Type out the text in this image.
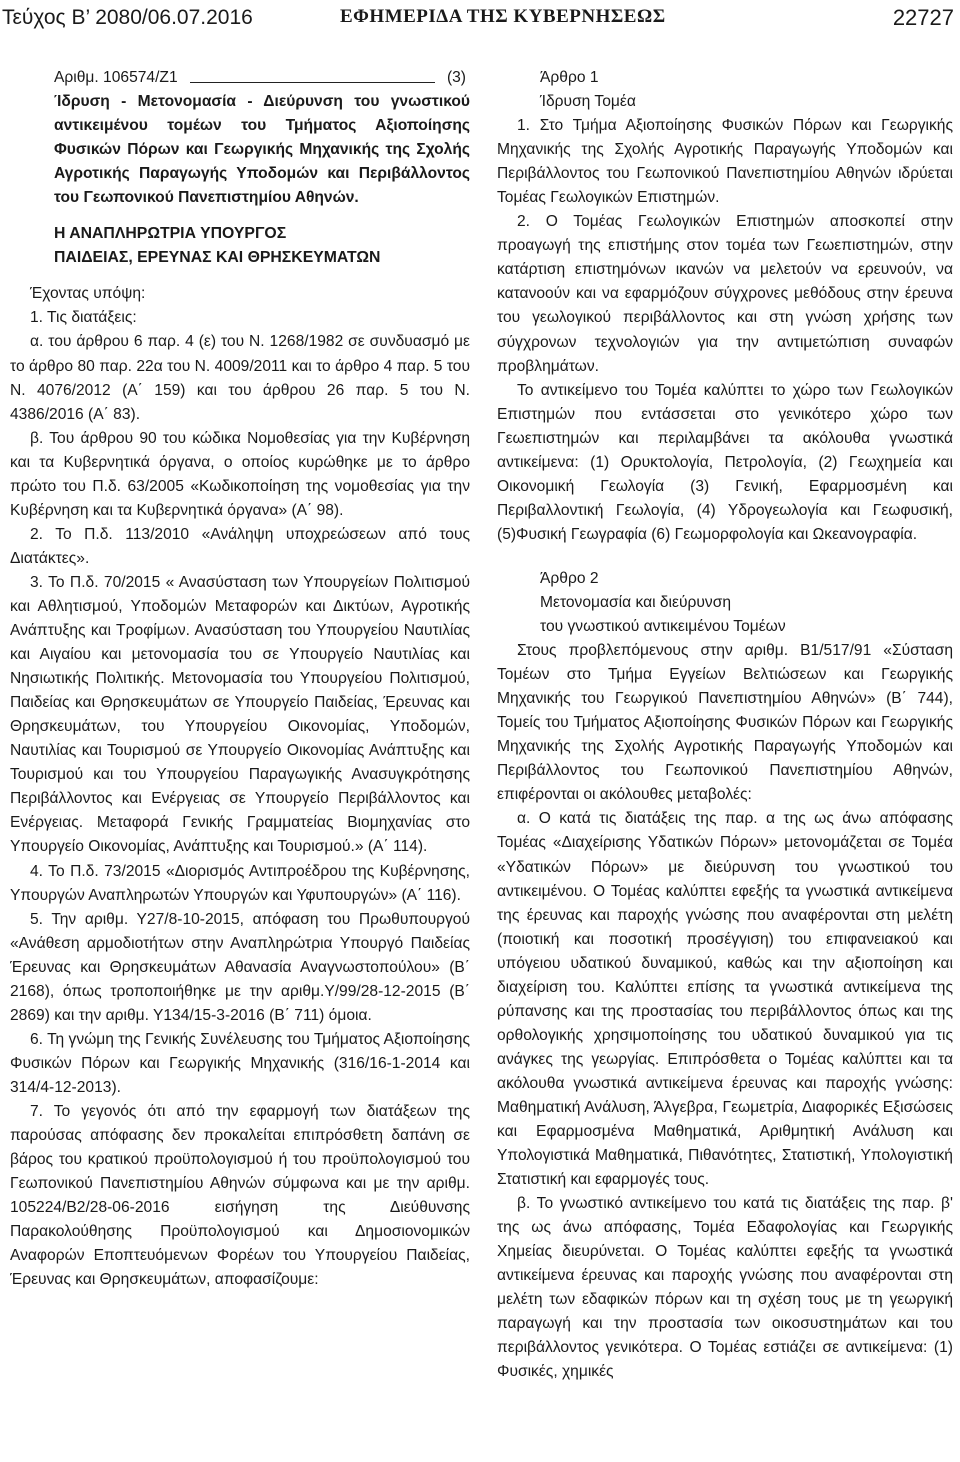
Τεύχος Β’ 2080/06.07.2016	ΕΦΗΜΕΡΙΔΑ ΤΗΣ ΚΥΒΕΡΝΗΣΕΩΣ	22727
Αριθμ. 106574/Ζ1	(3)

Ίδρυση - Μετονομασία - Διεύρυνση του γνωστικού αντικειμένου τομέων του Τμήματος Αξιοποίησης Φυσικών Πόρων και Γεωργικής Μηχανικής της Σχολής Αγροτικής Παραγωγής Υποδομών και Περιβάλλοντος του Γεωπονικού Πανεπιστημίου Αθηνών.

Η ΑΝΑΠΛΗΡΩΤΡΙΑ ΥΠΟΥΡΓΟΣ

ΠΑΙΔΕΙΑΣ, ΕΡΕΥΝΑΣ ΚΑΙ ΘΡΗΣΚΕΥΜΑΤΩΝ

Έχοντας υπόψη:

1. Τις διατάξεις:

α. του άρθρου 6 παρ. 4 (ε) του Ν. 1268/1982 σε συνδυασμό με το άρθρο 80 παρ. 22α του Ν. 4009/2011 και το άρθρο 4 παρ. 5 του Ν. 4076/2012 (Α΄ 159) και του άρθρου 26 παρ. 5 του Ν. 4386/2016 (Α΄ 83).

β. Του άρθρου 90 του κώδικα Νομοθεσίας για την Κυβέρνηση και τα Κυβερνητικά όργανα, ο οποίος κυρώθηκε με το άρθρο πρώτο του Π.δ. 63/2005 «Κωδικοποίηση της νομοθεσίας για την Κυβέρνηση και τα Κυβερνητικά όργανα» (Α΄ 98).

2. Το Π.δ. 113/2010 «Ανάληψη υποχρεώσεων από τους Διατάκτες».

3. Το Π.δ. 70/2015 « Ανασύσταση των Υπουργείων Πολιτισμού και Αθλητισμού, Υποδομών Μεταφορών και Δικτύων, Αγροτικής Ανάπτυξης και Τροφίμων. Ανασύσταση του Υπουργείου Ναυτιλίας και Αιγαίου και μετονομασία του σε Υπουργείο Ναυτιλίας και Νησιωτικής Πολιτικής. Μετονομασία του Υπουργείου Πολιτισμού, Παιδείας και Θρησκευμάτων σε Υπουργείο Παιδείας, Έρευνας και Θρησκευμάτων, του Υπουργείου Οικονομίας, Υποδομών, Ναυτιλίας και Τουρισμού σε Υπουργείο Οικονομίας Ανάπτυξης και Τουρισμού και του Υπουργείου Παραγωγικής Ανασυγκρότησης Περιβάλλοντος και Ενέργειας σε Υπουργείο Περιβάλλοντος και Ενέργειας. Μεταφορά Γενικής Γραμματείας Βιομηχανίας στο Υπουργείο Οικονομίας, Ανάπτυξης και Τουρισμού.» (Α΄ 114).

4. Το Π.δ. 73/2015 «Διορισμός Αντιπροέδρου της Κυβέρνησης, Υπουργών Αναπληρωτών Υπουργών και Υφυπουργών» (Α΄ 116).

5. Την αριθμ. Υ27/8-10-2015, απόφαση του Πρωθυπουργού «Ανάθεση αρμοδιοτήτων στην Αναπληρώτρια Υπουργό Παιδείας Έρευνας και Θρησκευμάτων Αθανασία Αναγνωστοπούλου» (Β΄ 2168), όπως τροποποιήθηκε με την αριθμ.Υ/99/28-12-2015 (Β΄ 2869) και την αριθμ. Υ134/15-3-2016 (Β΄ 711) όμοια.

6. Τη γνώμη της Γενικής Συνέλευσης του Τμήματος Αξιοποίησης Φυσικών Πόρων και Γεωργικής Μηχανικής (316/16-1-2014 και 314/4-12-2013).

7. Το γεγονός ότι από την εφαρμογή των διατάξεων της παρούσας απόφασης δεν προκαλείται επιπρόσθετη δαπάνη σε βάρος του κρατικού προϋπολογισμού ή του προϋπολογισμού του Γεωπονικού Πανεπιστημίου Αθηνών σύμφωνα και με την αριθμ. 105224/Β2/28-06-2016 εισήγηση της Διεύθυνσης Παρακολούθησης Προϋπολογισμού και Δημοσιονομικών Αναφορών Εποπτευόμενων Φορέων του Υπουργείου Παιδείας, Έρευνας και Θρησκευμάτων, αποφασίζουμε:

Άρθρο 1

Ίδρυση Τομέα

1. Στο Τμήμα Αξιοποίησης Φυσικών Πόρων και Γεωργικής Μηχανικής της Σχολής Αγροτικής Παραγωγής Υποδομών και Περιβάλλοντος του Γεωπονικού Πανεπιστημίου Αθηνών ιδρύεται Τομέας Γεωλογικών Επιστημών.

2. Ο Τομέας Γεωλογικών Επιστημών αποσκοπεί στην προαγωγή της επιστήμης στον τομέα των Γεωεπιστημών, στην κατάρτιση επιστημόνων ικανών να μελετούν να ερευνούν, να κατανοούν και να εφαρμόζουν σύγχρονες μεθόδους στην έρευνα του γεωλογικού περιβάλλοντος και στη γνώση χρήσης των σύγχρονων τεχνολογιών για την αντιμετώπιση συναφών προβλημάτων.

Το αντικείμενο του Τομέα καλύπτει το χώρο των Γεωλογικών Επιστημών που εντάσσεται στο γενικότερο χώρο των Γεωεπιστημών και περιλαμβάνει τα ακόλουθα γνωστικά αντικείμενα: (1) Ορυκτολογία, Πετρολογία, (2) Γεωχημεία και Οικονομική Γεωλογία (3) Γενική, Εφαρμοσμένη και Περιβαλλοντική Γεωλογία, (4) Υδρογεωλογία και Γεωφυσική, (5)Φυσική Γεωγραφία (6) Γεωμορφολογία και Ωκεανογραφία.

Άρθρο 2

Μετονομασία και διεύρυνση

του γνωστικού αντικειμένου Τομέων

Στους προβλεπόμενους στην αριθμ. Β1/517/91 «Σύσταση Τομέων στο Τμήμα Εγγείων Βελτιώσεων και Γεωργικής Μηχανικής του Γεωργικού Πανεπιστημίου Αθηνών» (Β΄ 744), Τομείς του Τμήματος Αξιοποίησης Φυσικών Πόρων και Γεωργικής Μηχανικής της Σχολής Αγροτικής Παραγωγής Υποδομών και Περιβάλλοντος του Γεωπονικού Πανεπιστημίου Αθηνών, επιφέρονται οι ακόλουθες μεταβολές:

α. Ο κατά τις διατάξεις της παρ. α της ως άνω απόφασης Τομέας «Διαχείρισης Υδατικών Πόρων» μετονομάζεται σε Τομέα «Υδατικών Πόρων» με διεύρυνση του γνωστικού του αντικειμένου. Ο Τομέας καλύπτει εφεξής τα γνωστικά αντικείμενα της έρευνας και παροχής γνώσης που αναφέρονται στη μελέτη (ποιοτική και ποσοτική προσέγγιση) του επιφανειακού και υπόγειου υδατικού δυναμικού, καθώς και την αξιοποίηση και διαχείριση του. Καλύπτει επίσης τα γνωστικά αντικείμενα της ρύπανσης και της προστασίας του περιβάλλοντος όπως και της ορθολογικής χρησιμοποίησης του υδατικού δυναμικού για τις ανάγκες της γεωργίας. Επιπρόσθετα ο Τομέας καλύπτει και τα ακόλουθα γνωστικά αντικείμενα έρευνας και παροχής γνώσης: Μαθηματική Ανάλυση, Άλγεβρα, Γεωμετρία, Διαφορικές Εξισώσεις και Εφαρμοσμένα Μαθηματικά, Αριθμητική Ανάλυση και Υπολογιστικά Μαθηματικά, Πιθανότητες, Στατιστική, Υπολογιστική Στατιστική και εφαρμογές τους.

β. Το γνωστικό αντικείμενο του κατά τις διατάξεις της παρ. β' της ως άνω απόφασης, Τομέα Εδαφολογίας και Γεωργικής Χημείας διευρύνεται. Ο Τομέας καλύπτει εφεξής τα γνωστικά αντικείμενα έρευνας και παροχής γνώσης που αναφέρονται στη μελέτη των εδαφικών πόρων και τη σχέση τους με τη γεωργική παραγωγή και την προστασία των οικοσυστημάτων και του περιβάλλοντος γενικότερα. Ο Τομέας εστιάζει σε αντικείμενα: (1) Φυσικές, χημικές
